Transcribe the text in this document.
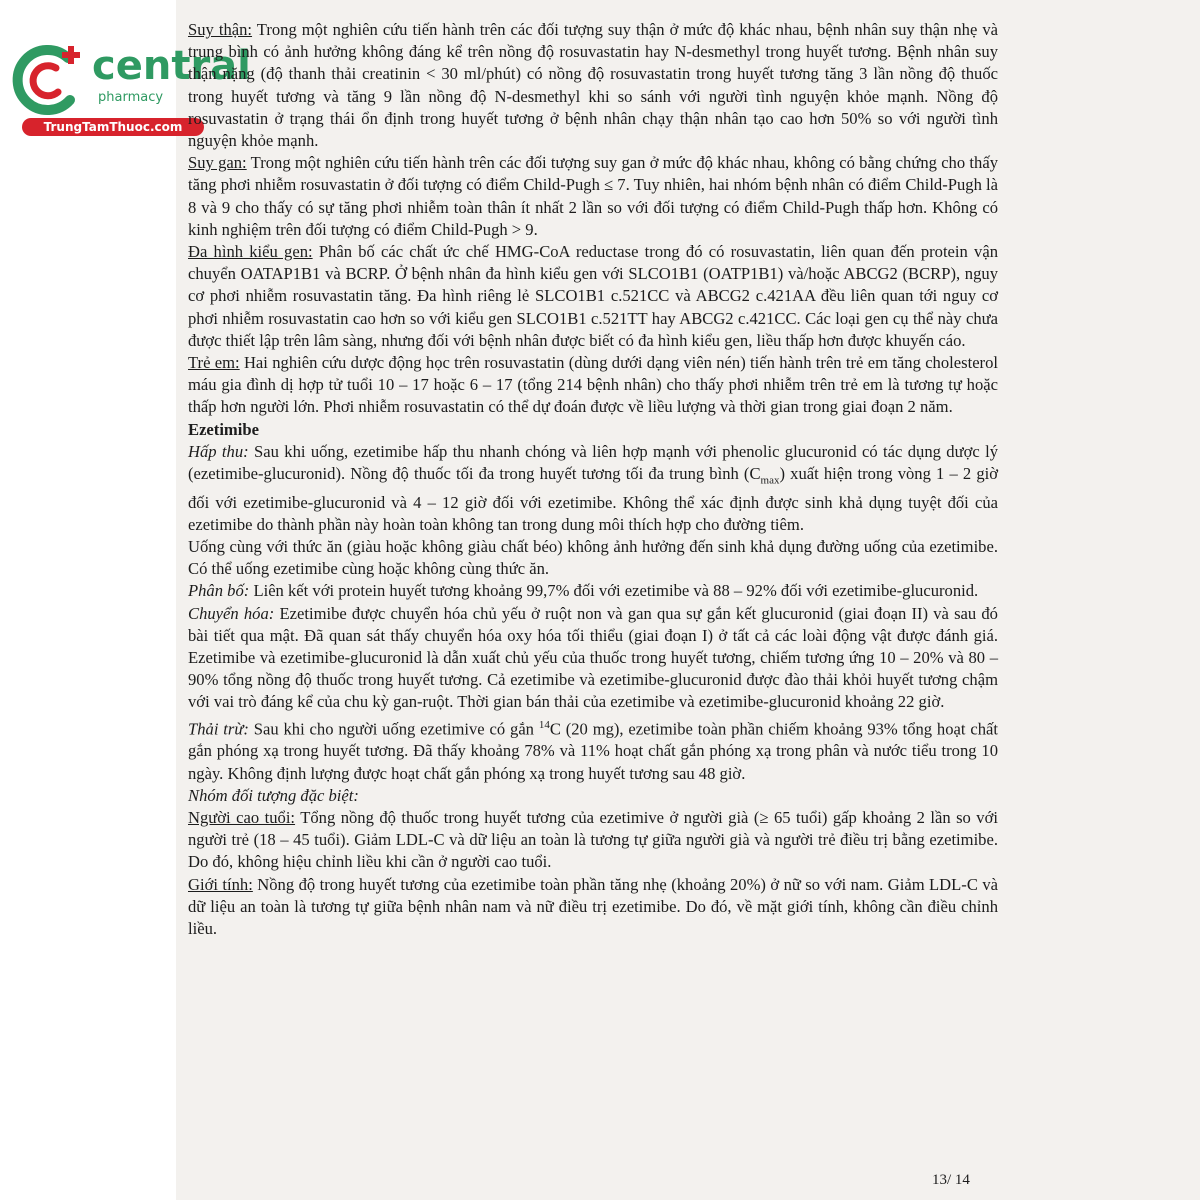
central
pharmacy
TrungTamThuoc.com

Suy thận: Trong một nghiên cứu tiến hành trên các đối tượng suy thận ở mức độ khác nhau, bệnh nhân suy thận nhẹ và trung bình có ảnh hưởng không đáng kể trên nồng độ rosuvastatin hay N-desmethyl trong huyết tương. Bệnh nhân suy thận nặng (độ thanh thải creatinin < 30 ml/phút) có nồng độ rosuvastatin trong huyết tương tăng 3 lần nồng độ thuốc trong huyết tương và tăng 9 lần nồng độ N-desmethyl khi so sánh với người tình nguyện khỏe mạnh. Nồng độ rosuvastatin ở trạng thái ổn định trong huyết tương ở bệnh nhân chạy thận nhân tạo cao hơn 50% so với người tình nguyện khỏe mạnh.

Suy gan: Trong một nghiên cứu tiến hành trên các đối tượng suy gan ở mức độ khác nhau, không có bằng chứng cho thấy tăng phơi nhiễm rosuvastatin ở đối tượng có điểm Child-Pugh ≤ 7. Tuy nhiên, hai nhóm bệnh nhân có điểm Child-Pugh là 8 và 9 cho thấy có sự tăng phơi nhiễm toàn thân ít nhất 2 lần so với đối tượng có điểm Child-Pugh thấp hơn. Không có kinh nghiệm trên đối tượng có điểm Child-Pugh > 9.

Đa hình kiểu gen: Phân bố các chất ức chế HMG-CoA reductase trong đó có rosuvastatin, liên quan đến protein vận chuyển OATAP1B1 và BCRP. Ở bệnh nhân đa hình kiểu gen với SLCO1B1 (OATP1B1) và/hoặc ABCG2 (BCRP), nguy cơ phơi nhiễm rosuvastatin tăng. Đa hình riêng lẻ SLCO1B1 c.521CC và ABCG2 c.421AA đều liên quan tới nguy cơ phơi nhiễm rosuvastatin cao hơn so với kiểu gen SLCO1B1 c.521TT hay ABCG2 c.421CC. Các loại gen cụ thể này chưa được thiết lập trên lâm sàng, nhưng đối với bệnh nhân được biết có đa hình kiểu gen, liều thấp hơn được khuyến cáo.

Trẻ em: Hai nghiên cứu dược động học trên rosuvastatin (dùng dưới dạng viên nén) tiến hành trên trẻ em tăng cholesterol máu gia đình dị hợp tử tuổi 10 – 17 hoặc 6 – 17 (tổng 214 bệnh nhân) cho thấy phơi nhiễm trên trẻ em là tương tự hoặc thấp hơn người lớn. Phơi nhiễm rosuvastatin có thể dự đoán được về liều lượng và thời gian trong giai đoạn 2 năm.

Ezetimibe

Hấp thu: Sau khi uống, ezetimibe hấp thu nhanh chóng và liên hợp mạnh với phenolic glucuronid có tác dụng dược lý (ezetimibe-glucuronid). Nồng độ thuốc tối đa trong huyết tương tối đa trung bình $(C_{max})$ xuất hiện trong vòng 1 – 2 giờ đối với ezetimibe-glucuronid và 4 – 12 giờ đối với ezetimibe. Không thể xác định được sinh khả dụng tuyệt đối của ezetimibe do thành phần này hoàn toàn không tan trong dung môi thích hợp cho đường tiêm.

Uống cùng với thức ăn (giàu hoặc không giàu chất béo) không ảnh hưởng đến sinh khả dụng đường uống của ezetimibe. Có thể uống ezetimibe cùng hoặc không cùng thức ăn.

Phân bố: Liên kết với protein huyết tương khoảng 99,7% đối với ezetimibe và 88 – 92% đối với ezetimibe-glucuronid.

Chuyển hóa: Ezetimibe được chuyển hóa chủ yếu ở ruột non và gan qua sự gắn kết glucuronid (giai đoạn II) và sau đó bài tiết qua mật. Đã quan sát thấy chuyển hóa oxy hóa tối thiểu (giai đoạn I) ở tất cả các loài động vật được đánh giá. Ezetimibe và ezetimibe-glucuronid là dẫn xuất chủ yếu của thuốc trong huyết tương, chiếm tương ứng 10 – 20% và 80 – 90% tổng nồng độ thuốc trong huyết tương. Cả ezetimibe và ezetimibe-glucuronid được đào thải khỏi huyết tương chậm với vai trò đáng kể của chu kỳ gan-ruột. Thời gian bán thải của ezetimibe và ezetimibe-glucuronid khoảng 22 giờ.

Thải trừ: Sau khi cho người uống ezetimive có gắn $^{14}$C (20 mg), ezetimibe toàn phần chiếm khoảng 93% tổng hoạt chất gắn phóng xạ trong huyết tương. Đã thấy khoảng 78% và 11% hoạt chất gắn phóng xạ trong phân và nước tiểu trong 10 ngày. Không định lượng được hoạt chất gắn phóng xạ trong huyết tương sau 48 giờ.

Nhóm đối tượng đặc biệt:

Người cao tuổi: Tổng nồng độ thuốc trong huyết tương của ezetimive ở người già (≥ 65 tuổi) gấp khoảng 2 lần so với người trẻ (18 – 45 tuổi). Giảm LDL-C và dữ liệu an toàn là tương tự giữa người già và người trẻ điều trị bằng ezetimibe. Do đó, không hiệu chỉnh liều khi cần ở người cao tuổi.

Giới tính: Nồng độ trong huyết tương của ezetimibe toàn phần tăng nhẹ (khoảng 20%) ở nữ so với nam. Giảm LDL-C và dữ liệu an toàn là tương tự giữa bệnh nhân nam và nữ điều trị ezetimibe. Do đó, về mặt giới tính, không cần điều chỉnh liều.

13/ 14
